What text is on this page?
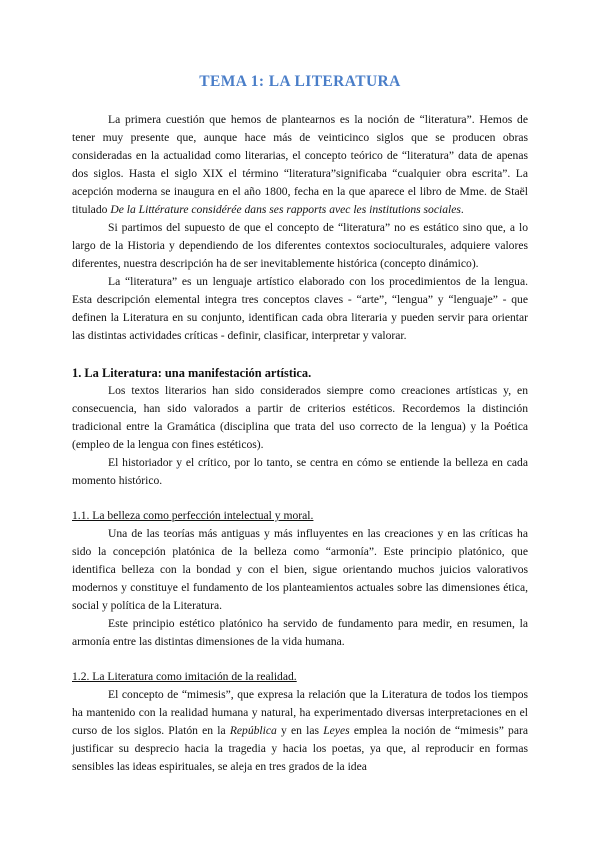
TEMA 1: LA LITERATURA

La primera cuestión que hemos de plantearnos es la noción de “literatura”. Hemos de tener muy presente que, aunque hace más de veinticinco siglos que se producen obras consideradas en la actualidad como literarias, el concepto teórico de “literatura” data de apenas dos siglos. Hasta el siglo XIX el término “literatura”significaba “cualquier obra escrita”. La acepción moderna se inaugura en el año 1800, fecha en la que aparece el libro de Mme. de Staël titulado De la Littérature considérée dans ses rapports avec les institutions sociales.

Si partimos del supuesto de que el concepto de “literatura” no es estático sino que, a lo largo de la Historia y dependiendo de los diferentes contextos socioculturales, adquiere valores diferentes, nuestra descripción ha de ser inevitablemente histórica (concepto dinámico).

La “literatura” es un lenguaje artístico elaborado con los procedimientos de la lengua. Esta descripción elemental integra tres conceptos claves - “arte”, “lengua” y “lenguaje” - que definen la Literatura en su conjunto, identifican cada obra literaria y pueden servir para orientar las distintas actividades críticas - definir, clasificar, interpretar y valorar.

1. La Literatura: una manifestación artística.

Los textos literarios han sido considerados siempre como creaciones artísticas y, en consecuencia, han sido valorados a partir de criterios estéticos. Recordemos la distinción tradicional entre la Gramática (disciplina que trata del uso correcto de la lengua) y la Poética (empleo de la lengua con fines estéticos).

El historiador y el crítico, por lo tanto, se centra en cómo se entiende la belleza en cada momento histórico.

1.1. La belleza como perfección intelectual y moral.

Una de las teorías más antiguas y más influyentes en las creaciones y en las críticas ha sido la concepción platónica de la belleza como “armonía”. Este principio platónico, que identifica belleza con la bondad y con el bien, sigue orientando muchos juicios valorativos modernos y constituye el fundamento de los planteamientos actuales sobre las dimensiones ética, social y política de la Literatura.

Este principio estético platónico ha servido de fundamento para medir, en resumen, la armonía entre las distintas dimensiones de la vida humana.

1.2. La Literatura como imitación de la realidad.

El concepto de “mimesis”, que expresa la relación que la Literatura de todos los tiempos ha mantenido con la realidad humana y natural, ha experimentado diversas interpretaciones en el curso de los siglos. Platón en la República y en las Leyes emplea la noción de “mimesis” para justificar su desprecio hacia la tragedia y hacia los poetas, ya que, al reproducir en formas sensibles las ideas espirituales, se aleja en tres grados de la idea
